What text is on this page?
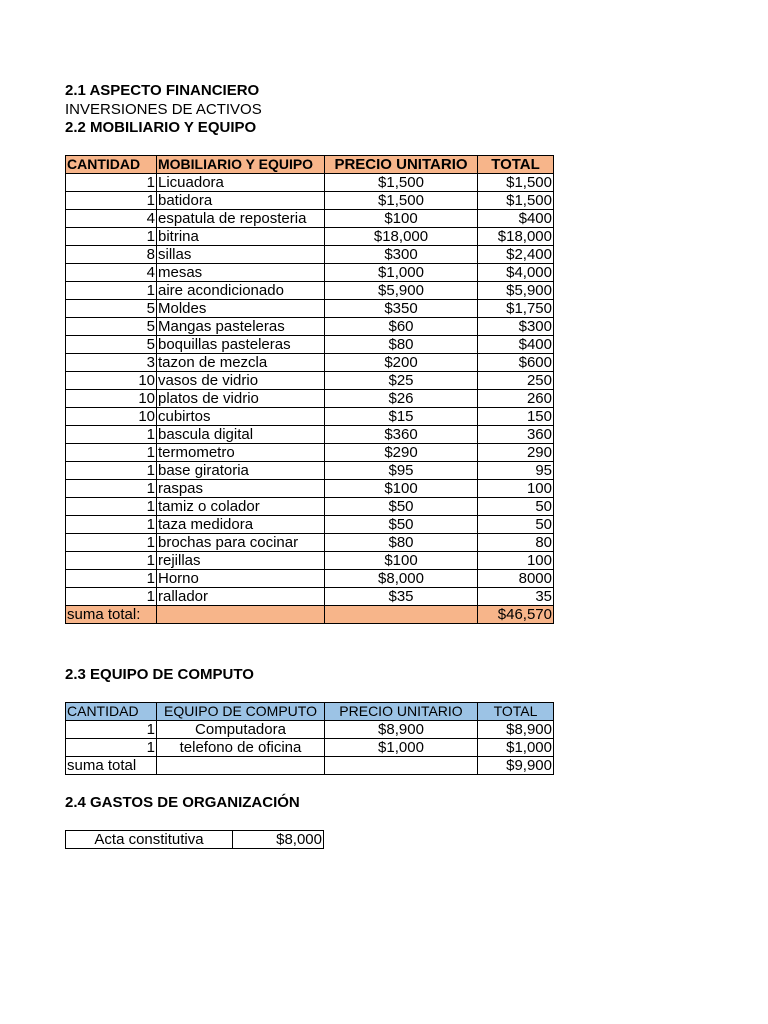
2.1 ASPECTO FINANCIERO
INVERSIONES DE ACTIVOS
2.2 MOBILIARIO Y EQUIPO
CANTIDAD	MOBILIARIO Y EQUIPO	PRECIO UNITARIO	TOTAL
1	Licuadora	$1,500	$1,500
1	batidora	$1,500	$1,500
4	espatula de reposteria	$100	$400
1	bitrina	$18,000	$18,000
8	sillas	$300	$2,400
4	mesas	$1,000	$4,000
1	aire acondicionado	$5,900	$5,900
5	Moldes	$350	$1,750
5	Mangas pasteleras	$60	$300
5	boquillas pasteleras	$80	$400
3	tazon de mezcla	$200	$600
10	vasos de vidrio	$25	250
10	platos de vidrio	$26	260
10	cubirtos	$15	150
1	bascula digital	$360	360
1	termometro	$290	290
1	base giratoria	$95	95
1	raspas	$100	100
1	tamiz o colador	$50	50
1	taza medidora	$50	50
1	brochas para cocinar	$80	80
1	rejillas	$100	100
1	Horno	$8,000	8000
1	rallador	$35	35
suma total:			$46,570
2.3 EQUIPO DE COMPUTO
CANTIDAD	EQUIPO DE COMPUTO	PRECIO UNITARIO	TOTAL
1	Computadora	$8,900	$8,900
1	telefono de oficina	$1,000	$1,000
suma total			$9,900
2.4 GASTOS DE ORGANIZACIÓN
Acta constitutiva	$8,000
